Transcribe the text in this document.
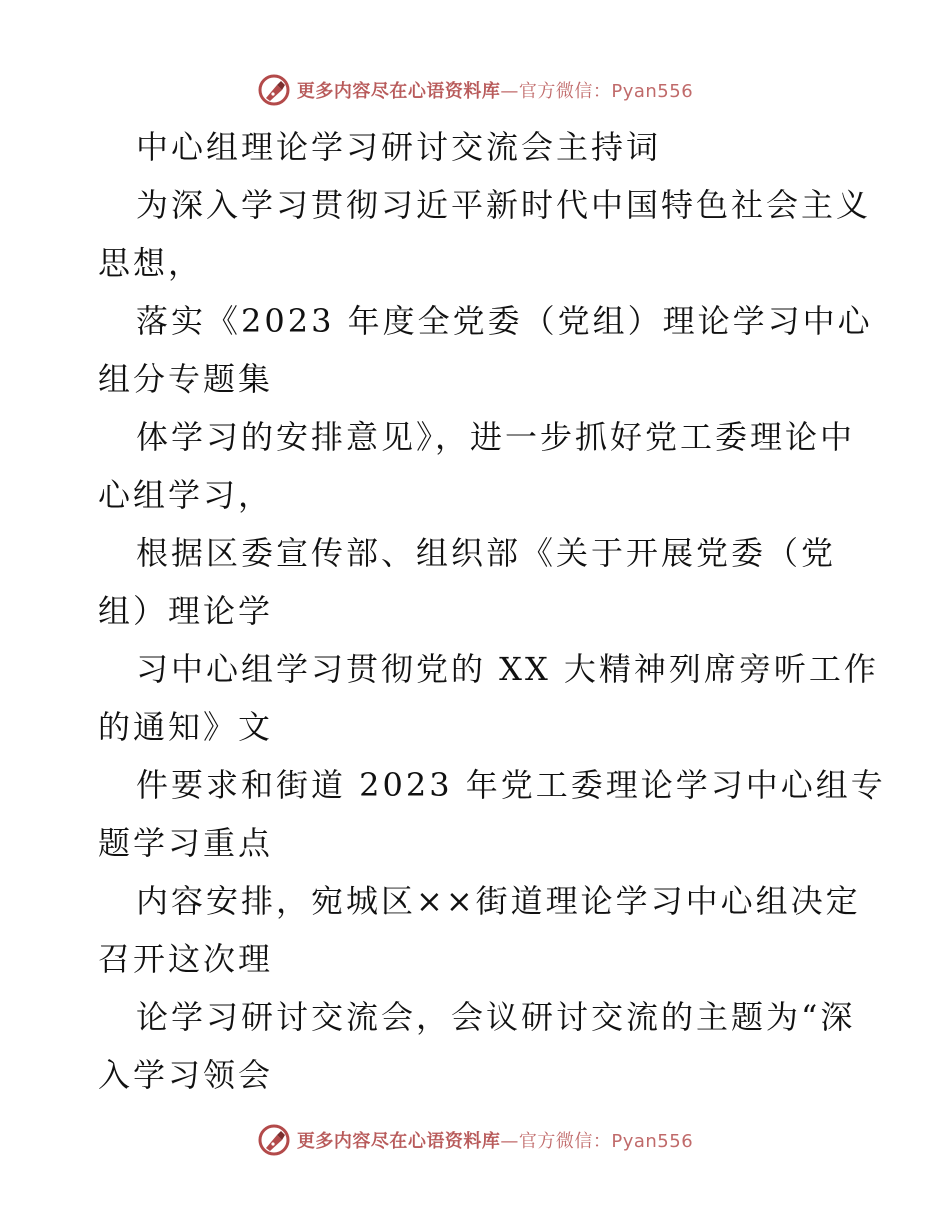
更多内容尽在心语资料库—官方微信：Pyan556

中心组理论学习研讨交流会主持词

为深入学习贯彻习近平新时代中国特色社会主义

思想，

落实《2023 年度全党委（党组）理论学习中心

组分专题集

体学习的安排意见》，进一步抓好党工委理论中

心组学习，

根据区委宣传部、组织部《关于开展党委（党

组）理论学

习中心组学习贯彻党的 XX 大精神列席旁听工作

的通知》文

件要求和街道 2023 年党工委理论学习中心组专

题学习重点

内容安排，宛城区××街道理论学习中心组决定

召开这次理

论学习研讨交流会，会议研讨交流的主题为“深

入学习领会

更多内容尽在心语资料库—官方微信：Pyan556
